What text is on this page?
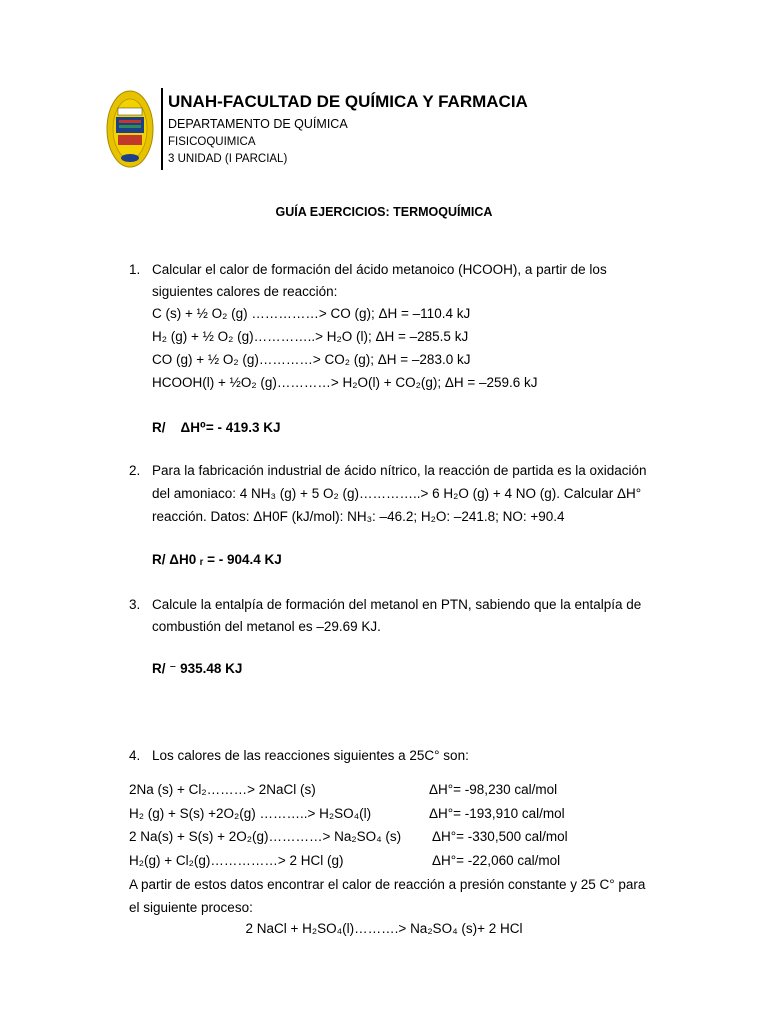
UNAH-FACULTAD DE QUÍMICA Y FARMACIA
DEPARTAMENTO DE QUÍMICA
FISICOQUIMICA
3 UNIDAD (I PARCIAL)
GUÍA EJERCICIOS: TERMOQUÍMICA
1. Calcular el calor de formación del ácido metanoico (HCOOH), a partir de los
siguientes calores de reacción:
C (s) + ½ O₂ (g) ……………> CO (g); ΔH = –110.4 kJ
H₂ (g) + ½ O₂ (g)…………..> H₂O (l); ΔH = –285.5 kJ
CO (g) + ½ O₂ (g)…………> CO₂ (g); ΔH = –283.0 kJ
HCOOH(l) + ½O₂ (g)…………> H₂O(l) + CO₂(g); ΔH = –259.6 kJ
R/    ΔH⁰= - 419.3 KJ
2. Para la fabricación industrial de ácido nítrico, la reacción de partida es la oxidación
del amoniaco: 4 NH₃ (g) + 5 O₂ (g)…………..> 6 H₂O (g) + 4 NO (g). Calcular ΔH°
reacción. Datos: ΔH0F (kJ/mol): NH₃: –46.2; H₂O: –241.8; NO: +90.4
R/ ΔH0 ᵣ = - 904.4 KJ
3. Calcule la entalpía de formación del metanol en PTN, sabiendo que la entalpía de
combustión del metanol es –29.69 KJ.
R/ ⁻ 935.48 KJ
4. Los calores de las reacciones siguientes a 25C° son:
2Na (s) + Cl₂………> 2NaCl (s)	ΔH°= -98,230 cal/mol
H₂ (g) + S(s) +2O₂(g) ………..> H₂SO₄(l)	ΔH°= -193,910 cal/mol
2 Na(s) + S(s) + 2O₂(g)…………> Na₂SO₄ (s) ΔH°= -330,500 cal/mol
H₂(g) + Cl₂(g)……………> 2 HCl (g)	ΔH°= -22,060 cal/mol
A partir de estos datos encontrar el calor de reacción a presión constante y 25 C° para
el siguiente proceso:
2 NaCl + H₂SO₄(l)……….> Na₂SO₄ (s)+ 2 HCl
